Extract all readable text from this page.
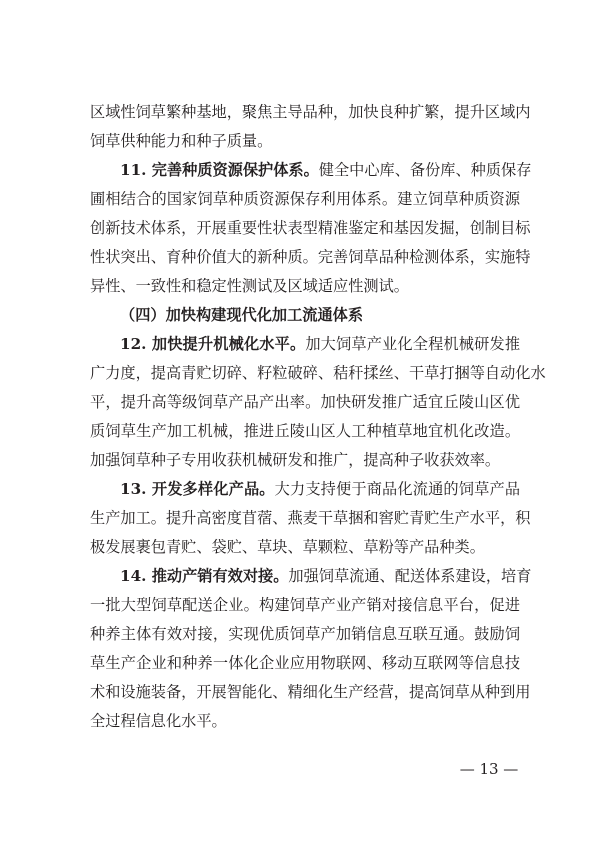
区域性饲草繁种基地，聚焦主导品种，加快良种扩繁，提升区域内
饲草供种能力和种子质量。
11. 完善种质资源保护体系。健全中心库、备份库、种质保存
圃相结合的国家饲草种质资源保存利用体系。建立饲草种质资源
创新技术体系，开展重要性状表型精准鉴定和基因发掘，创制目标
性状突出、育种价值大的新种质。完善饲草品种检测体系，实施特
异性、一致性和稳定性测试及区域适应性测试。
（四）加快构建现代化加工流通体系
12. 加快提升机械化水平。加大饲草产业化全程机械研发推
广力度，提高青贮切碎、籽粒破碎、秸秆揉丝、干草打捆等自动化水
平，提升高等级饲草产品产出率。加快研发推广适宜丘陵山区优
质饲草生产加工机械，推进丘陵山区人工种植草地宜机化改造。
加强饲草种子专用收获机械研发和推广，提高种子收获效率。
13. 开发多样化产品。大力支持便于商品化流通的饲草产品
生产加工。提升高密度苜蓿、燕麦干草捆和窖贮青贮生产水平，积
极发展裹包青贮、袋贮、草块、草颗粒、草粉等产品种类。
14. 推动产销有效对接。加强饲草流通、配送体系建设，培育
一批大型饲草配送企业。构建饲草产业产销对接信息平台，促进
种养主体有效对接，实现优质饲草产加销信息互联互通。鼓励饲
草生产企业和种养一体化企业应用物联网、移动互联网等信息技
术和设施装备，开展智能化、精细化生产经营，提高饲草从种到用
全过程信息化水平。
— 13 —
